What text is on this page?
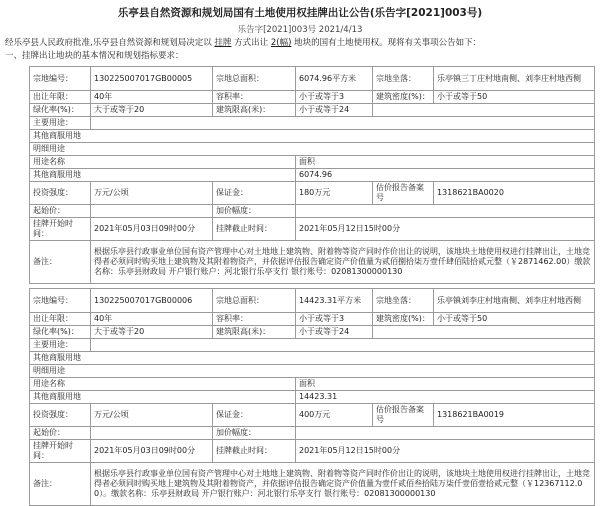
乐亭县自然资源和规划局国有土地使用权挂牌出让公告(乐告字[2021]003号)
乐告字[2021]003号 2021/4/13

经乐亭县人民政府批准,乐亭县自然资源和规划局决定以 挂牌 方式出让 2(幅) 地块的国有土地使用权。现将有关事项公告如下：

一、挂牌出让地块的基本情况和规划指标要求：
宗地编号：	130225007017GB00005	宗地总面积：	6074.96平方米	宗地坐落：	乐亭镇三丁庄村地南侧、刘李庄村地西侧
出让年限：	40年	容积率：	小于或等于3	建筑密度(%)：	小于或等于50
绿化率(%)：	大于或等于20	建筑限高(米)：	小于或等于24		
主要用途：					
其他商服用地					
明细用途					
用途名称			面积		
其他商服用地			6074.96		
投资强度：	万元/公顷	保证金：	180万元	估价报告备案号	1318621BA0020
起始价：		加价幅度：			
挂牌开始时间：	2021年05月03日09时00分	挂牌截止时间：	2021年05月12日15时00分		
备注：	根据乐亭县行政事业单位国有资产管理中心对土地地上建筑物、附着物等资产同时作价出让的说明，该地块土地使用权进行挂牌出让，土地竞得者必须同时购买地上建筑物及其附着物资产，并依据评估报告确定资产价值量为贰佰捌拾柒万壹仟肆佰陆拾贰元整（￥2871462.00）缴款名称：乐亭县财政局 开户银行账户：河北银行乐亭支行 银行账号：02081300000130				
宗地编号：	130225007017GB00006	宗地总面积：	14423.31平方米	宗地坐落：	乐亭镇刘李庄村地南侧、刘李庄村地西侧
出让年限：	40年	容积率：	小于或等于3	建筑密度(%)：	小于或等于50
绿化率(%)：	大于或等于20	建筑限高(米)：	小于或等于24		
主要用途：					
其他商服用地					
明细用途					
用途名称			面积		
其他商服用地			14423.31		
投资强度：	万元/公顷	保证金：	400万元	估价报告备案号	1318621BA0019
起始价：		加价幅度：			
挂牌开始时间：	2021年05月03日09时00分	挂牌截止时间：	2021年05月12日15时00分		
备注：	根据乐亭县行政事业单位国有资产管理中心对土地地上建筑物、附着物等资产同时作价出让的说明，该地块土地使用权进行挂牌出让，土地竞得者必须同时购买地上建筑物及其附着物资产，并依据评估报告确定资产价值量为壹仟贰佰叁拾陆万柒仟壹佰壹拾贰元整（￥12367112.00）。缴款名称：乐亭县财政局 开户银行账户：河北银行乐亭支行 银行账号：02081300000130				
